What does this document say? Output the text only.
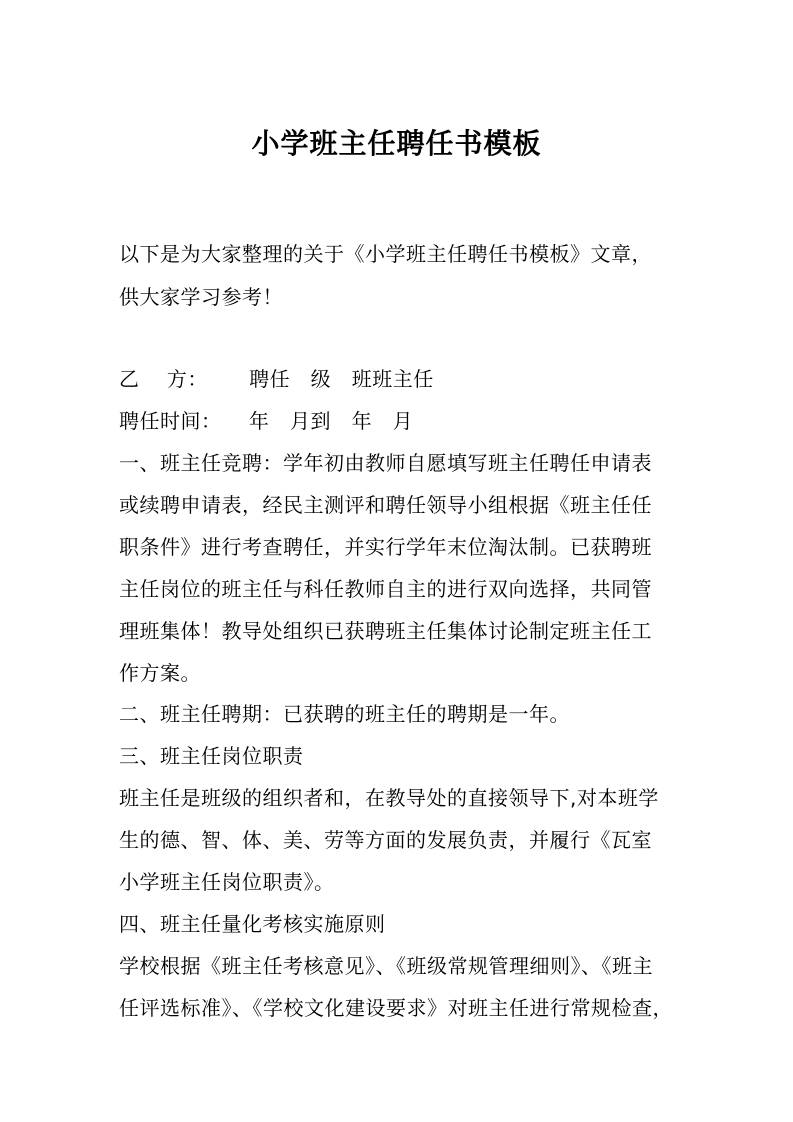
小学班主任聘任书模板
以下是为大家整理的关于《小学班主任聘任书模板》文章，
供大家学习参考！
乙    方：      聘任   级   班班主任
聘任时间：    年   月到   年   月
一、班主任竞聘：学年初由教师自愿填写班主任聘任申请表
或续聘申请表，经民主测评和聘任领导小组根据《班主任任
职条件》进行考查聘任，并实行学年末位淘汰制。已获聘班
主任岗位的班主任与科任教师自主的进行双向选择，共同管
理班集体！教导处组织已获聘班主任集体讨论制定班主任工
作方案。
二、班主任聘期：已获聘的班主任的聘期是一年。
三、班主任岗位职责
班主任是班级的组织者和，在教导处的直接领导下,对本班学
生的德、智、体、美、劳等方面的发展负责，并履行《瓦室
小学班主任岗位职责》。
四、班主任量化考核实施原则
学校根据《班主任考核意见》、《班级常规管理细则》、《班主
任评选标准》、《学校文化建设要求》对班主任进行常规检查，
